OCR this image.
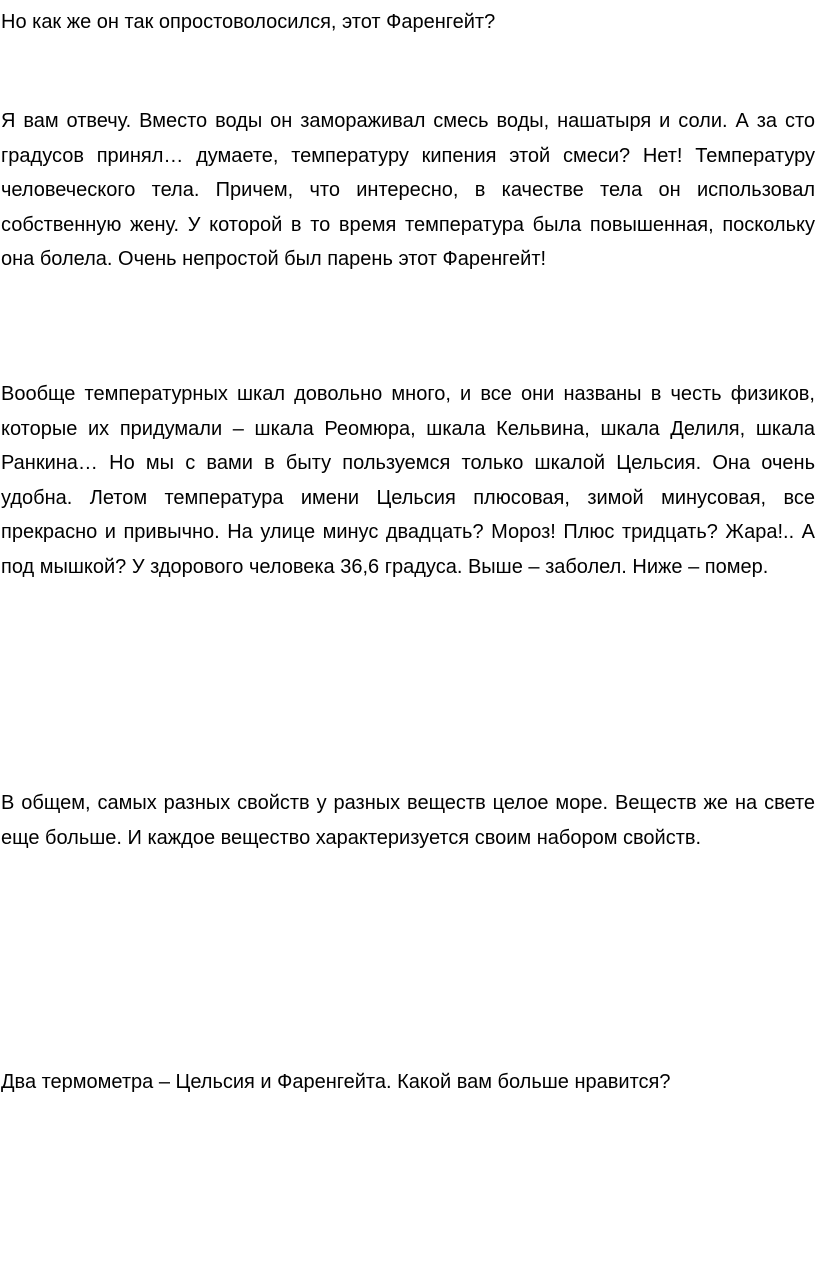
Но как же он так опростоволосился, этот Фаренгейт?

Я вам отвечу. Вместо воды он замораживал смесь воды, нашатыря и соли. А за сто градусов принял… думаете, температуру кипения этой смеси? Нет! Температуру человеческого тела. Причем, что интересно, в качестве тела он использовал собственную жену. У которой в то время температура была повышенная, поскольку она болела. Очень непростой был парень этот Фаренгейт!

Вообще температурных шкал довольно много, и все они названы в честь физиков, которые их придумали – шкала Реомюра, шкала Кельвина, шкала Делиля, шкала Ранкина… Но мы с вами в быту пользуемся только шкалой Цельсия. Она очень удобна. Летом температура имени Цельсия плюсовая, зимой минусовая, все прекрасно и привычно. На улице минус двадцать? Мороз! Плюс тридцать? Жара!.. А под мышкой? У здорового человека 36,6 градуса. Выше – заболел. Ниже – помер.

В общем, самых разных свойств у разных веществ целое море. Веществ же на свете еще больше. И каждое вещество характеризуется своим набором свойств.

Два термометра – Цельсия и Фаренгейта. Какой вам больше нравится?
